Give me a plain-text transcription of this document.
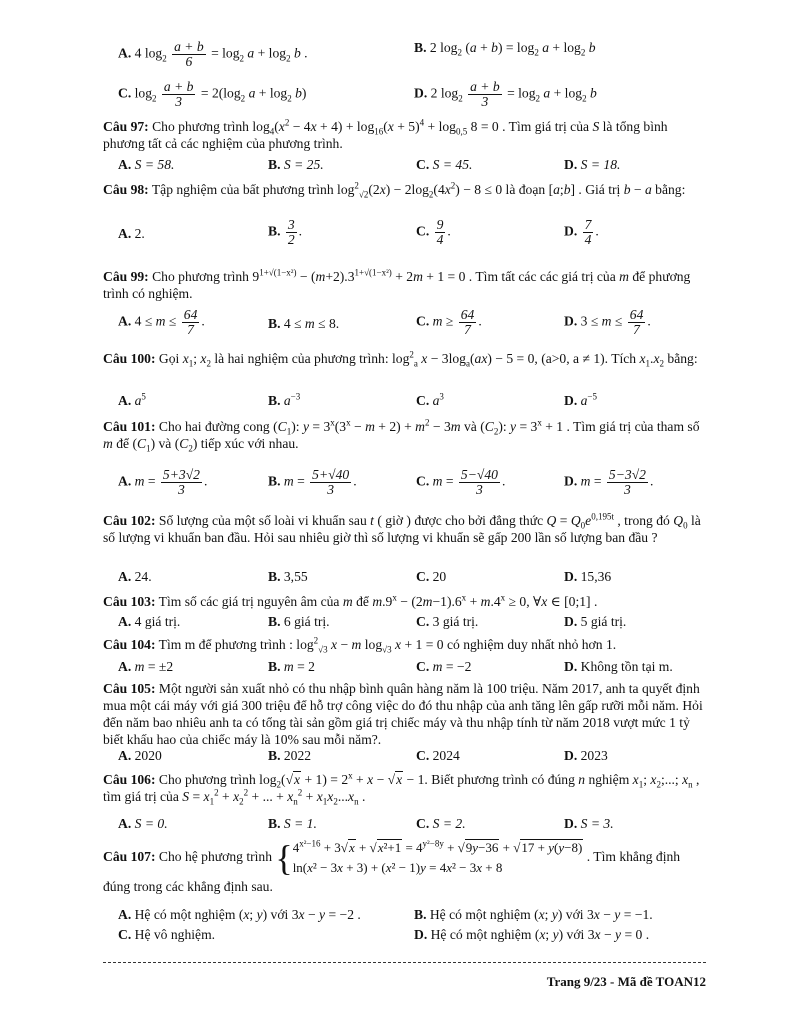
A. 4 $\log_2 \frac{a + b}{6} = \log_2 a + \log_2 b$ .	B. 2 $\log_2 (a + b) = \log_2 a + \log_2 b$
C. $\log_2 \frac{a + b}{3} = 2(\log_2$ $a + \log_2 b$)	D. 2 $\log_2 \frac{a + b}{3} = \log_2 a + \log_2 b$
Câu 97: Cho phương trình $\log_4(x^2 - 4x + 4) + \log_{16}(x + 5)^4 + \log_{0,5} 8 = 0$ . Tìm giá trị của S là tổng bình phương tất cả các nghiệm của phương trình.
A. S = 58.	B. S = 25.	C. S = 45.	D. S = 18.
Câu 98: Tập nghiệm của bất phương trình $\log^2_{√2}(2x) - 2\log_2(4x^2) - 8 \le 0$ là đoạn [a;b] . Giá trị b − a bằng:
A. 2.	B. $\frac{3}{2}$ .	C. $\frac{9}{4}$ .	D. $\frac{7}{4}$ .
Câu 99: Cho phương trình $9^{1+√(1-x^2)} - (m+2).3^{1+√(1-x^2)} + 2m + 1 = 0$ . Tìm tất các các giá trị của m để phương trình có nghiệm.
A. $4 \le m \le \frac{64}{7}$ .	B. 4 ≤ m ≤ 8.	C. $m \ge \frac{64}{7}$ .	D. $3 \le m \le \frac{64}{7}$ .
Câu 100: Gọi $x_1$; $x_2$ là hai nghiệm của phương trình: $\log^2_a x - 3\log_a(ax) - 5 = 0$, (a>0, a ≠ 1). Tích $x_1.x_2$ bằng:
A. $a^5$	B. $a^{-3}$	C. $a^3$	D. $a^{-5}$
Câu 101: Cho hai đường cong $(C_1)$: $y = 3^x(3^x - m + 2) + m^2 - 3m$ và $(C_2)$: $y = 3^x + 1$ . Tìm giá trị của tham số m để $(C_1)$ và $(C_2)$ tiếp xúc với nhau.
A. $m = \frac{5+3√2}{3}$ .	B. $m = \frac{5+√40}{3}$ .	C. $m = \frac{5-√40}{3}$ .	D. $m = \frac{5-3√2}{3}$ .
Câu 102: Số lượng của một số loài vi khuẩn sau t ( giờ ) được cho bởi đẳng thức $Q = Q_0e^{0,195t}$ , trong đó $Q_0$ là số lượng vi khuẩn ban đầu. Hỏi sau nhiêu giờ thì số lượng vi khuẩn sẽ gấp 200 lần số lượng ban đầu ?
A. 24.	B. 3,55	C. 20	D. 15,36
Câu 103: Tìm số các giá trị nguyên âm của m để $m.9^x - (2m-1).6^x + m.4^x \ge 0$, ∀x ∈ [0;1] .
A. 4 giá trị.	B. 6 giá trị.	C. 3 giá trị.	D. 5 giá trị.
Câu 104: Tìm m để phương trình : $\log^2_{√3} x - m$ $\log_{√3} x + 1 = 0$ có nghiệm duy nhất nhỏ hơn 1.
A. m = ±2	B. m = 2	C. m = −2	D. Không tồn tại m.
Câu 105: Một người sản xuất nhỏ có thu nhập bình quân hàng năm là 100 triệu. Năm 2017, anh ta quyết định mua một cái máy với giá 300 triệu để hỗ trợ công việc do đó thu nhập của anh tăng lên gấp rưỡi mỗi năm. Hỏi đến năm bao nhiêu anh ta có tổng tài sản gồm giá trị chiếc máy và thu nhập tính từ năm 2018 vượt mức 1 tỷ biết khấu hao của chiếc máy là 10% sau mỗi năm?.
A. 2020	B. 2022	C. 2024	D. 2023
Câu 106: Cho phương trình $\log_2(√x + 1) = 2^x + x - √x - 1$. Biết phương trình có đúng n nghiệm $x_1$; $x_2$;...; $x_n$ , tìm giá trị của $S = x_1^2 + x_2^2$ + ... + $x_n^2 + x_1x_2...x_n$ .
A. S = 0.	B. S = 1.	C. S = 2.	D. S = 3.
Câu 107: Cho hệ phương trình { $4^{x^2-16} + 3√x + √x^2+1 = 4^{y^2-8y} + √9y-36 + √17 + y(y-8)$
ln(x² − 3x + 3) + (x² − 1)y = 4x² − 3x + 8
. Tìm khẳng định đúng trong các khẳng định sau.
A. Hệ có một nghiệm (x; y) với 3x − y = −2 .	B. Hệ có một nghiệm (x; y) với 3x − y = −1.
C. Hệ vô nghiệm.	D. Hệ có một nghiệm (x; y) với 3x − y = 0 .
Trang 9/23 - Mã đề TOAN12
